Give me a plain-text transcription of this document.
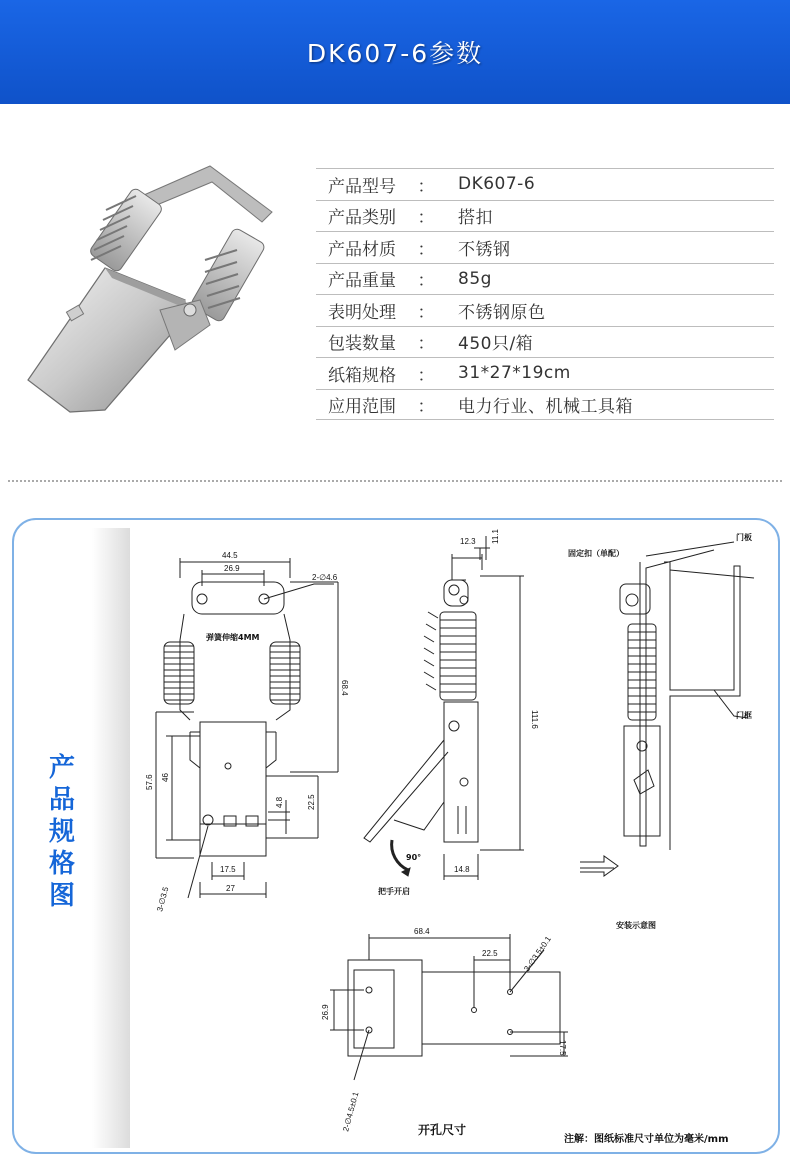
DK607-6参数
产品型号	：	DK607-6
产品类别	：	搭扣
产品材质	：	不锈钢
产品重量	：	85g
表明处理	：	不锈钢原色
包装数量	：	450只/箱
纸箱规格	：	31*27*19cm
应用范围	：	电力行业、机械工具箱
产
品
规
格
图
44.5
26.9
2-∅4.6
弹簧伸缩4MM
68.4
57.6 46
4.8	22.5
17.5
27
3-∅3.5
12.3 11.1
111.6
14.8
90°
把手开启
固定扣（单配）
门板
门框
安装示意图
68.4
22.5	3-∅3.5±0.1
26.9
17.5
2-∅4.5±0.1	开孔尺寸
注解：图纸标准尺寸单位为毫米/mm
